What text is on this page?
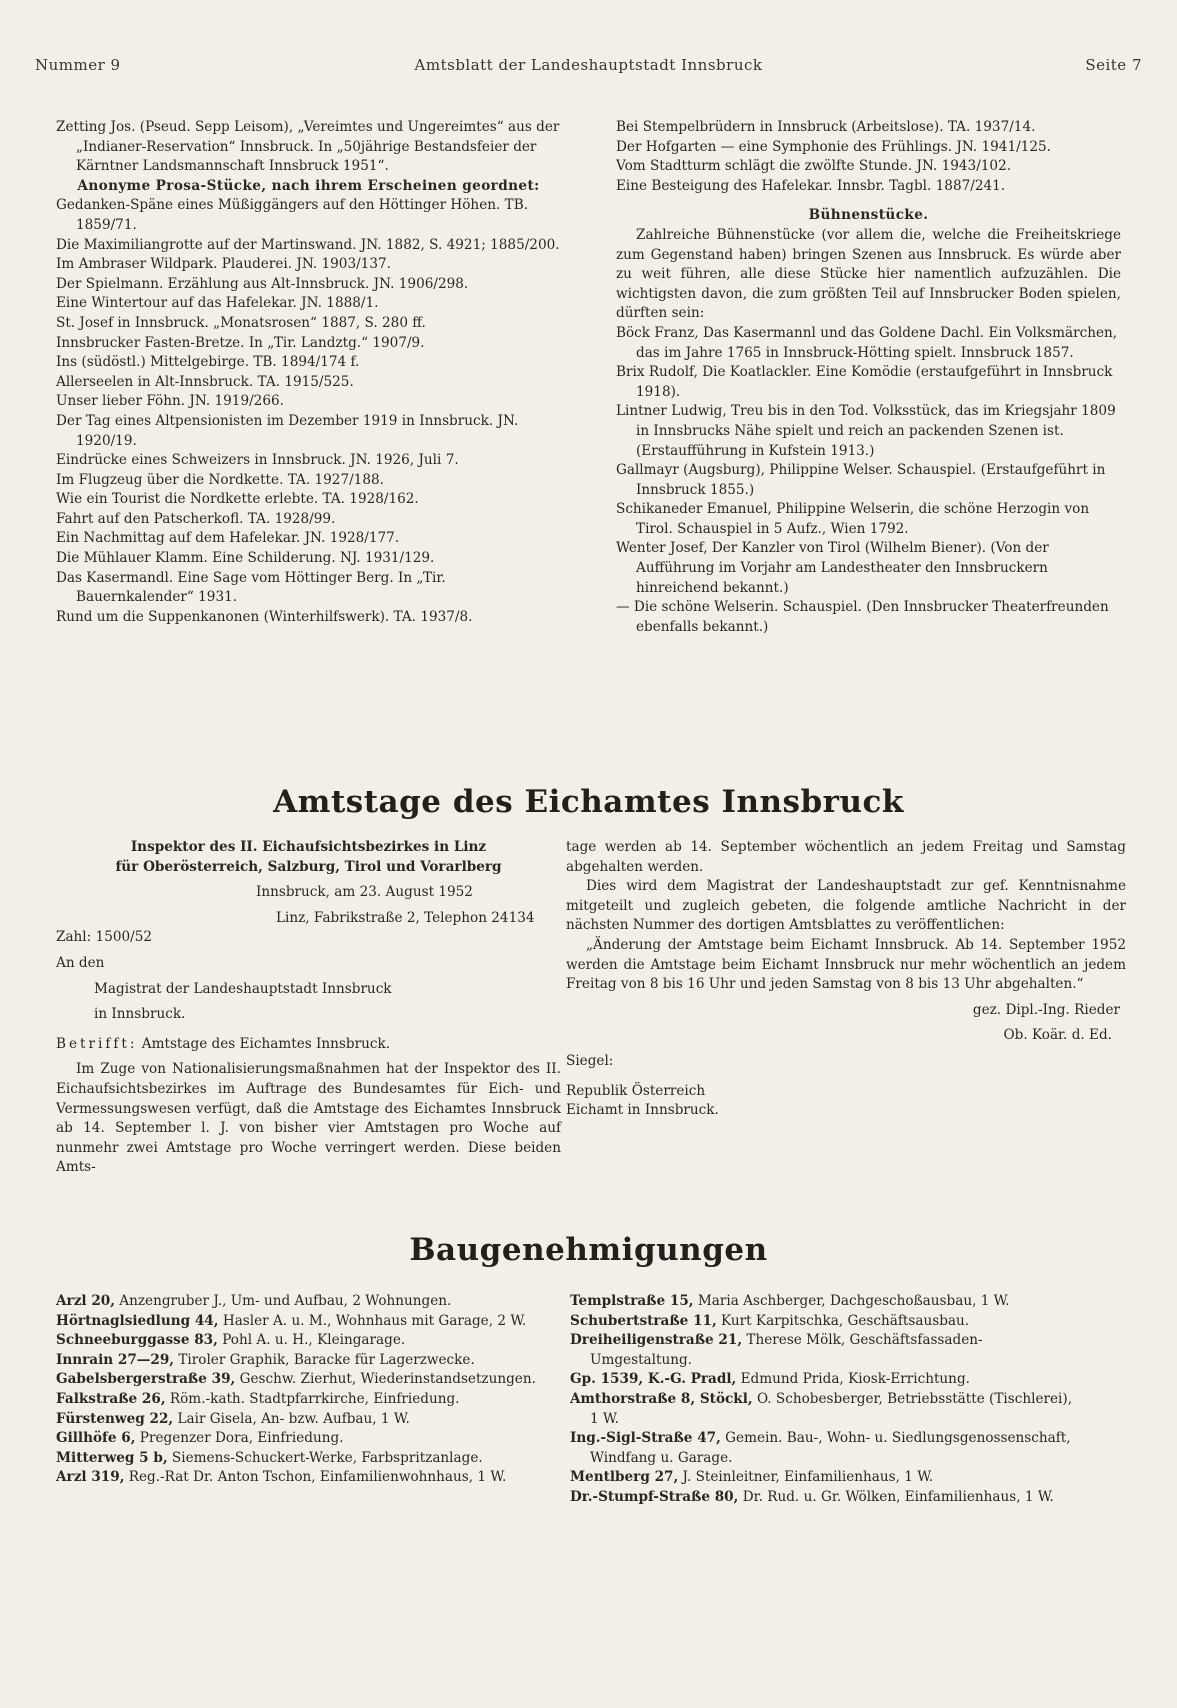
Nummer 9	Amtsblatt der Landeshauptstadt Innsbruck	Seite 7

Zetting Jos. (Pseud. Sepp Leisom), „Vereimtes und Ungereimtes“ aus der „Indianer-Reservation“ Innsbruck. In „50jährige Bestandsfeier der Kärntner Landsmannschaft Innsbruck 1951“.

Anonyme Prosa-Stücke, nach ihrem Erscheinen geordnet:

Gedanken-Späne eines Müßiggängers auf den Höttinger Höhen. TB. 1859/71.

Die Maximiliangrotte auf der Martinswand. JN. 1882, S. 4921; 1885/200.

Im Ambraser Wildpark. Plauderei. JN. 1903/137.

Der Spielmann. Erzählung aus Alt-Innsbruck. JN. 1906/298.

Eine Wintertour auf das Hafelekar. JN. 1888/1.

St. Josef in Innsbruck. „Monatsrosen“ 1887, S. 280 ff.

Innsbrucker Fasten-Bretze. In „Tir. Landztg.“ 1907/9.

Ins (südöstl.) Mittelgebirge. TB. 1894/174 f.

Allerseelen in Alt-Innsbruck. TA. 1915/525.

Unser lieber Föhn. JN. 1919/266.

Der Tag eines Altpensionisten im Dezember 1919 in Innsbruck. JN. 1920/19.

Eindrücke eines Schweizers in Innsbruck. JN. 1926, Juli 7.

Im Flugzeug über die Nordkette. TA. 1927/188.

Wie ein Tourist die Nordkette erlebte. TA. 1928/162.

Fahrt auf den Patscherkofl. TA. 1928/99.

Ein Nachmittag auf dem Hafelekar. JN. 1928/177.

Die Mühlauer Klamm. Eine Schilderung. NJ. 1931/129.

Das Kasermandl. Eine Sage vom Höttinger Berg. In „Tir. Bauernkalender“ 1931.

Rund um die Suppenkanonen (Winterhilfswerk). TA. 1937/8.

Bei Stempelbrüdern in Innsbruck (Arbeitslose). TA. 1937/14.

Der Hofgarten — eine Symphonie des Frühlings. JN. 1941/125.

Vom Stadtturm schlägt die zwölfte Stunde. JN. 1943/102.

Eine Besteigung des Hafelekar. Innsbr. Tagbl. 1887/241.

Bühnenstücke.

Zahlreiche Bühnenstücke (vor allem die, welche die Freiheitskriege zum Gegenstand haben) bringen Szenen aus Innsbruck. Es würde aber zu weit führen, alle diese Stücke hier namentlich aufzuzählen. Die wichtigsten davon, die zum größten Teil auf Innsbrucker Boden spielen, dürften sein:

Böck Franz, Das Kasermannl und das Goldene Dachl. Ein Volksmärchen, das im Jahre 1765 in Innsbruck-Hötting spielt. Innsbruck 1857.

Brix Rudolf, Die Koatlackler. Eine Komödie (erstaufgeführt in Innsbruck 1918).

Lintner Ludwig, Treu bis in den Tod. Volksstück, das im Kriegsjahr 1809 in Innsbrucks Nähe spielt und reich an packenden Szenen ist. (Erstaufführung in Kufstein 1913.)

Gallmayr (Augsburg), Philippine Welser. Schauspiel. (Erstaufgeführt in Innsbruck 1855.)

Schikaneder Emanuel, Philippine Welserin, die schöne Herzogin von Tirol. Schauspiel in 5 Aufz., Wien 1792.

Wenter Josef, Der Kanzler von Tirol (Wilhelm Biener). (Von der Aufführung im Vorjahr am Landestheater den Innsbruckern hinreichend bekannt.)

— Die schöne Welserin. Schauspiel. (Den Innsbrucker Theaterfreunden ebenfalls bekannt.)

Amtstage des Eichamtes Innsbruck

Inspektor des II. Eichaufsichtsbezirkes in Linz

für Oberösterreich, Salzburg, Tirol und Vorarlberg

Innsbruck, am 23. August 1952

Linz, Fabrikstraße 2, Telephon 24134

Zahl: 1500/52

An den

Magistrat der Landeshauptstadt Innsbruck

in Innsbruck.

Betrifft: Amtstage des Eichamtes Innsbruck.

Im Zuge von Nationalisierungsmaßnahmen hat der Inspektor des II. Eichaufsichtsbezirkes im Auftrage des Bundesamtes für Eich- und Vermessungswesen verfügt, daß die Amtstage des Eichamtes Innsbruck ab 14. September l. J. von bisher vier Amtstagen pro Woche auf nunmehr zwei Amtstage pro Woche verringert werden. Diese beiden Amts-

tage werden ab 14. September wöchentlich an jedem Freitag und Samstag abgehalten werden.

Dies wird dem Magistrat der Landeshauptstadt zur gef. Kenntnisnahme mitgeteilt und zugleich gebeten, die folgende amtliche Nachricht in der nächsten Nummer des dortigen Amtsblattes zu veröffentlichen:

„Änderung der Amtstage beim Eichamt Innsbruck. Ab 14. September 1952 werden die Amtstage beim Eichamt Innsbruck nur mehr wöchentlich an jedem Freitag von 8 bis 16 Uhr und jeden Samstag von 8 bis 13 Uhr abgehalten.“

gez. Dipl.-Ing. Rieder

Ob. Koär. d. Ed.

Siegel:

Republik Österreich

Eichamt in Innsbruck.

Baugenehmigungen

Arzl 20, Anzengruber J., Um- und Aufbau, 2 Wohnungen.

Hörtnaglsiedlung 44, Hasler A. u. M., Wohnhaus mit Garage, 2 W.

Schneeburggasse 83, Pohl A. u. H., Kleingarage.

Innrain 27—29, Tiroler Graphik, Baracke für Lagerzwecke.

Gabelsbergerstraße 39, Geschw. Zierhut, Wiederinstandsetzungen.

Falkstraße 26, Röm.-kath. Stadtpfarrkirche, Einfriedung.

Fürstenweg 22, Lair Gisela, An- bzw. Aufbau, 1 W.

Gillhöfe 6, Pregenzer Dora, Einfriedung.

Mitterweg 5 b, Siemens-Schuckert-Werke, Farbspritzanlage.

Arzl 319, Reg.-Rat Dr. Anton Tschon, Einfamilienwohnhaus, 1 W.

Templstraße 15, Maria Aschberger, Dachgeschoßausbau, 1 W.

Schubertstraße 11, Kurt Karpitschka, Geschäftsausbau.

Dreiheiligenstraße 21, Therese Mölk, Geschäftsfassaden-Umgestaltung.

Gp. 1539, K.-G. Pradl, Edmund Prida, Kiosk-Errichtung.

Amthorstraße 8, Stöckl, O. Schobesberger, Betriebsstätte (Tischlerei), 1 W.

Ing.-Sigl-Straße 47, Gemein. Bau-, Wohn- u. Siedlungsgenossenschaft, Windfang u. Garage.

Mentlberg 27, J. Steinleitner, Einfamilienhaus, 1 W.

Dr.-Stumpf-Straße 80, Dr. Rud. u. Gr. Wölken, Einfamilienhaus, 1 W.
